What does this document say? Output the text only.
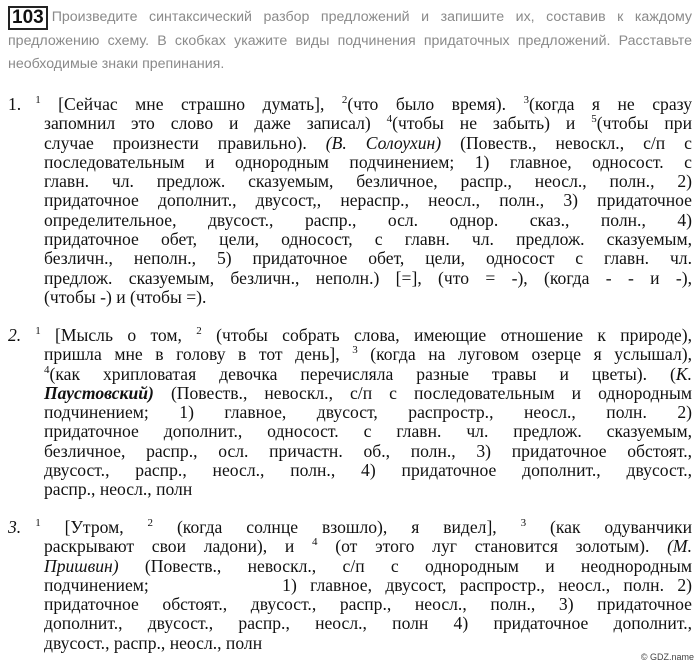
103 Произведите синтаксический разбор предложений и запишите их, составив к каждому предложению схему. В скобках укажите виды подчинения придаточных предложений. Расставьте необходимые знаки препинания.
1. $^1$ [Сейчас мне страшно думать], $^2$(что было время). $^3$(когда я не сразу
запомнил это слово и даже записал) $^4$(чтобы не забыть) и $^5$(чтобы при
случае произнести правильно). (В. Солоухин) (Повеств., невоскл., с/п с
последовательным и однородным подчинением; 1) главное, односост. с
главн. чл. предлож. сказуемым, безличное, распр., неосл., полн., 2)
придаточное дополнит., двусост,, нераспр., неосл., полн., 3) придаточное
определительное, двусост., распр., осл. однор. сказ., полн., 4)
придаточное обет, цели, односост, с главн. чл. предлож. сказуемым,
безличн., неполн., 5) придаточное обет, цели, односост с главн. чл.
предлож. сказуемым, безличн., неполн.) [=], (что = -), (когда - - и -),
(чтобы -) и (чтобы =).
2. $^1$ [Мысль о том, $^2$ (чтобы собрать слова, имеющие отношение к природе),
пришла мне в голову в тот день], $^3$ (когда на луговом озерце я услышал),
$^4$(как хрипловатая девочка перечисляла разные травы и цветы). (К.
Паустовский) (Повеств., невоскл., с/п с последовательным и однородным
подчинением; 1) главное, двусост, распростр., неосл., полн. 2)
придаточное дополнит., односост. с главн. чл. предлож. сказуемым,
безличное, распр., осл. причастн. об., полн., 3) придаточное обстоят.,
двусост., распр., неосл., полн., 4) придаточное дополнит., двусост.,
распр., неосл., полн
3. $^1$ [Утром, $^2$ (когда солнце взошло), я видел], $^3$ (как одуванчики
раскрывают свои ладони), и $^4$ (от этого луг становится золотым). (М.
Пришвин) (Повеств., невоскл., с/п с однородным и неоднородным
подчинением;          1) главное, двусост, распростр., неосл., полн. 2)
придаточное обстоят., двусост., распр., неосл., полн., 3) придаточное
дополнит., двусост., распр., неосл., полн 4) придаточное дополнит.,
двусост., распр., неосл., полн
© GDZ.name
